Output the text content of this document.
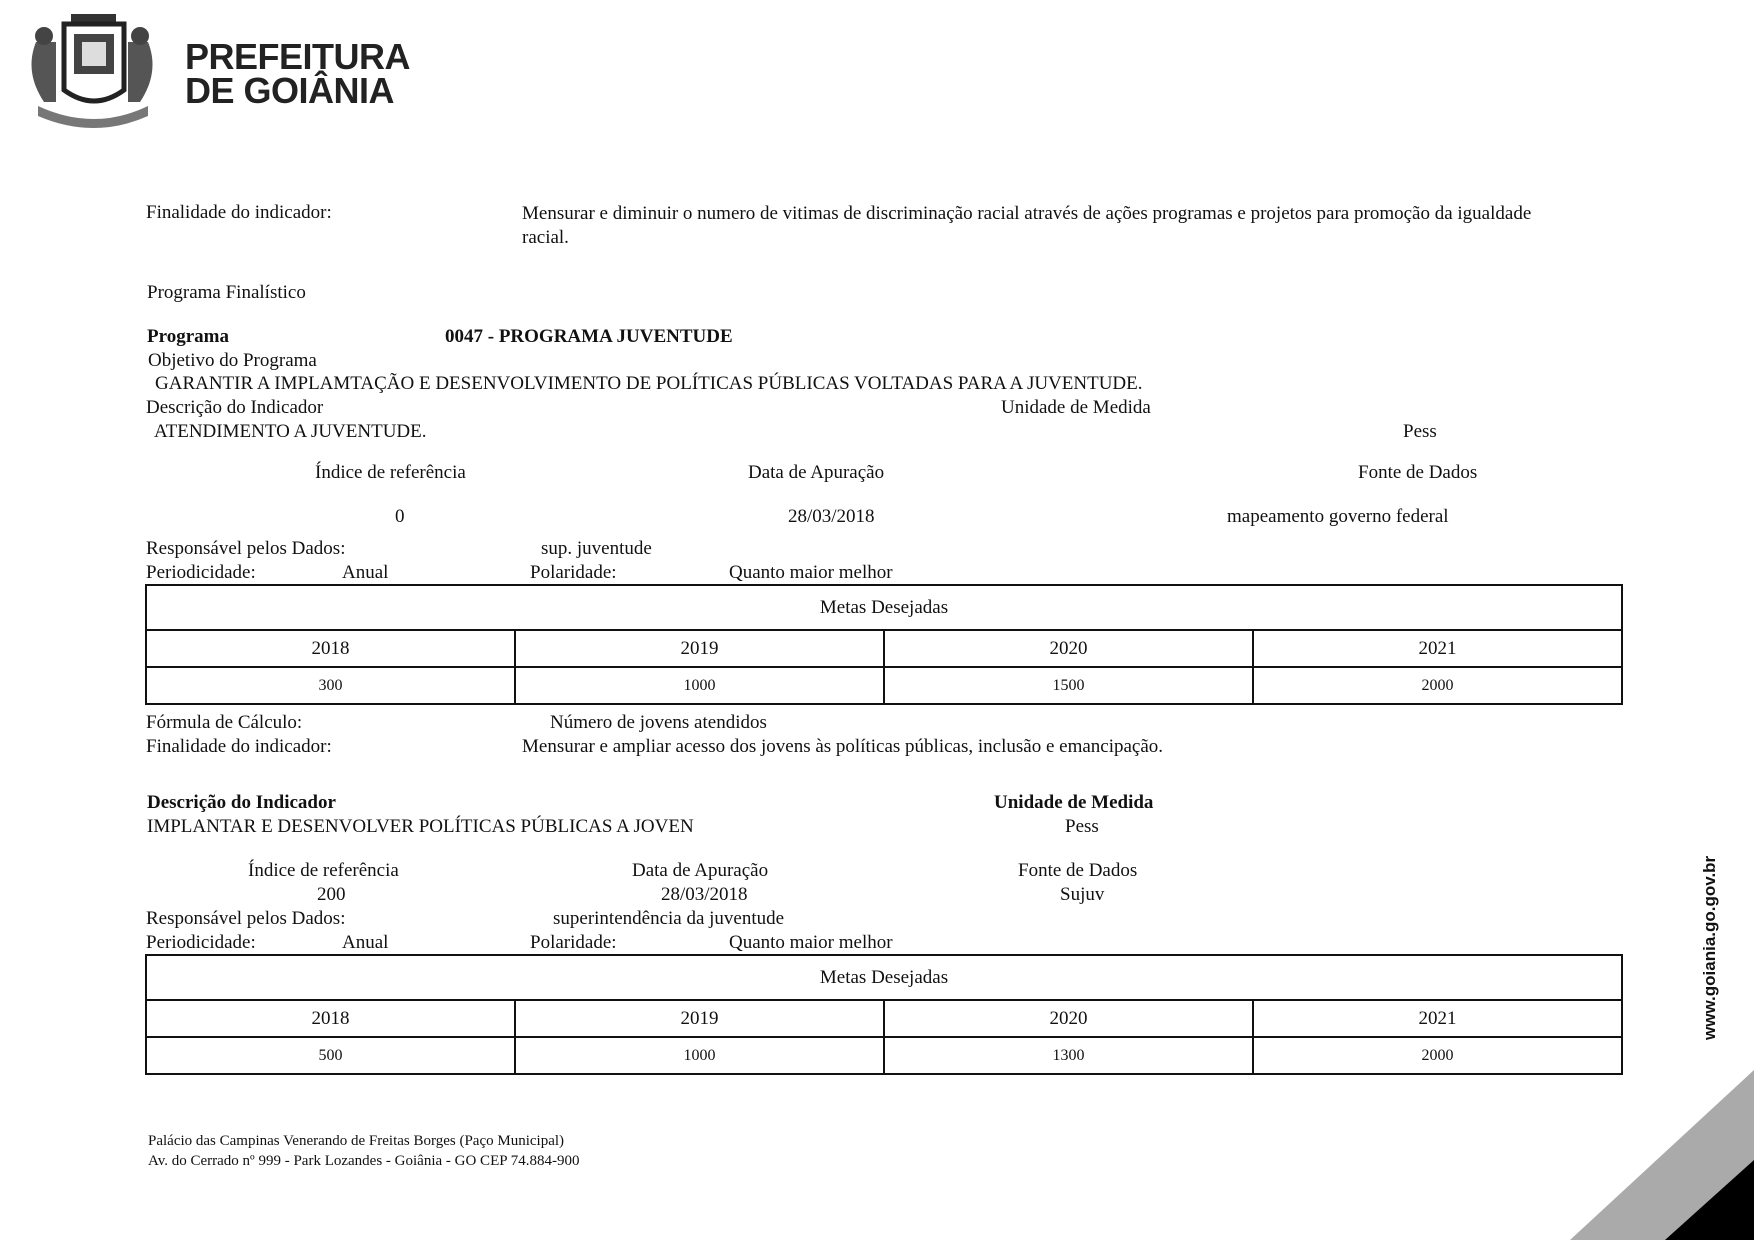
PELA GRANDEZA DA PÁTRIA
PREFEITURA
DE GOIÂNIA
Finalidade do indicador:	Mensurar e diminuir o numero de vitimas de discriminação racial através de ações programas e projetos para promoção da igualdade racial.
Programa Finalístico
Programa	0047 - PROGRAMA JUVENTUDE
Objetivo do Programa
GARANTIR A IMPLAMTAÇÃO E DESENVOLVIMENTO DE POLÍTICAS PÚBLICAS VOLTADAS PARA A JUVENTUDE.
Descrição do Indicador	Unidade de Medida
ATENDIMENTO A JUVENTUDE.	Pess
Índice de referência	Data de Apuração	Fonte de Dados
0	28/03/2018	mapeamento governo federal
Responsável pelos Dados:	sup. juventude
Periodicidade:	Anual	Polaridade:	Quanto maior melhor
Metas Desejadas			
2018	2019	2020	2021
300	1000	1500	2000
Fórmula de Cálculo:	Número de jovens atendidos
Finalidade do indicador:	Mensurar e ampliar acesso dos jovens às políticas públicas, inclusão e emancipação.
Descrição do Indicador	Unidade de Medida
IMPLANTAR E DESENVOLVER POLÍTICAS PÚBLICAS A JOVEN	Pess
Índice de referência	Data de Apuração	Fonte de Dados
200	28/03/2018	Sujuv
Responsável pelos Dados:	superintendência da juventude
Periodicidade:	Anual	Polaridade:	Quanto maior melhor
Metas Desejadas			
2018	2019	2020	2021
500	1000	1300	2000
Palácio das Campinas Venerando de Freitas Borges (Paço Municipal)
Av. do Cerrado nº 999 - Park Lozandes - Goiânia - GO CEP 74.884-900
www.goiania.go.gov.br
